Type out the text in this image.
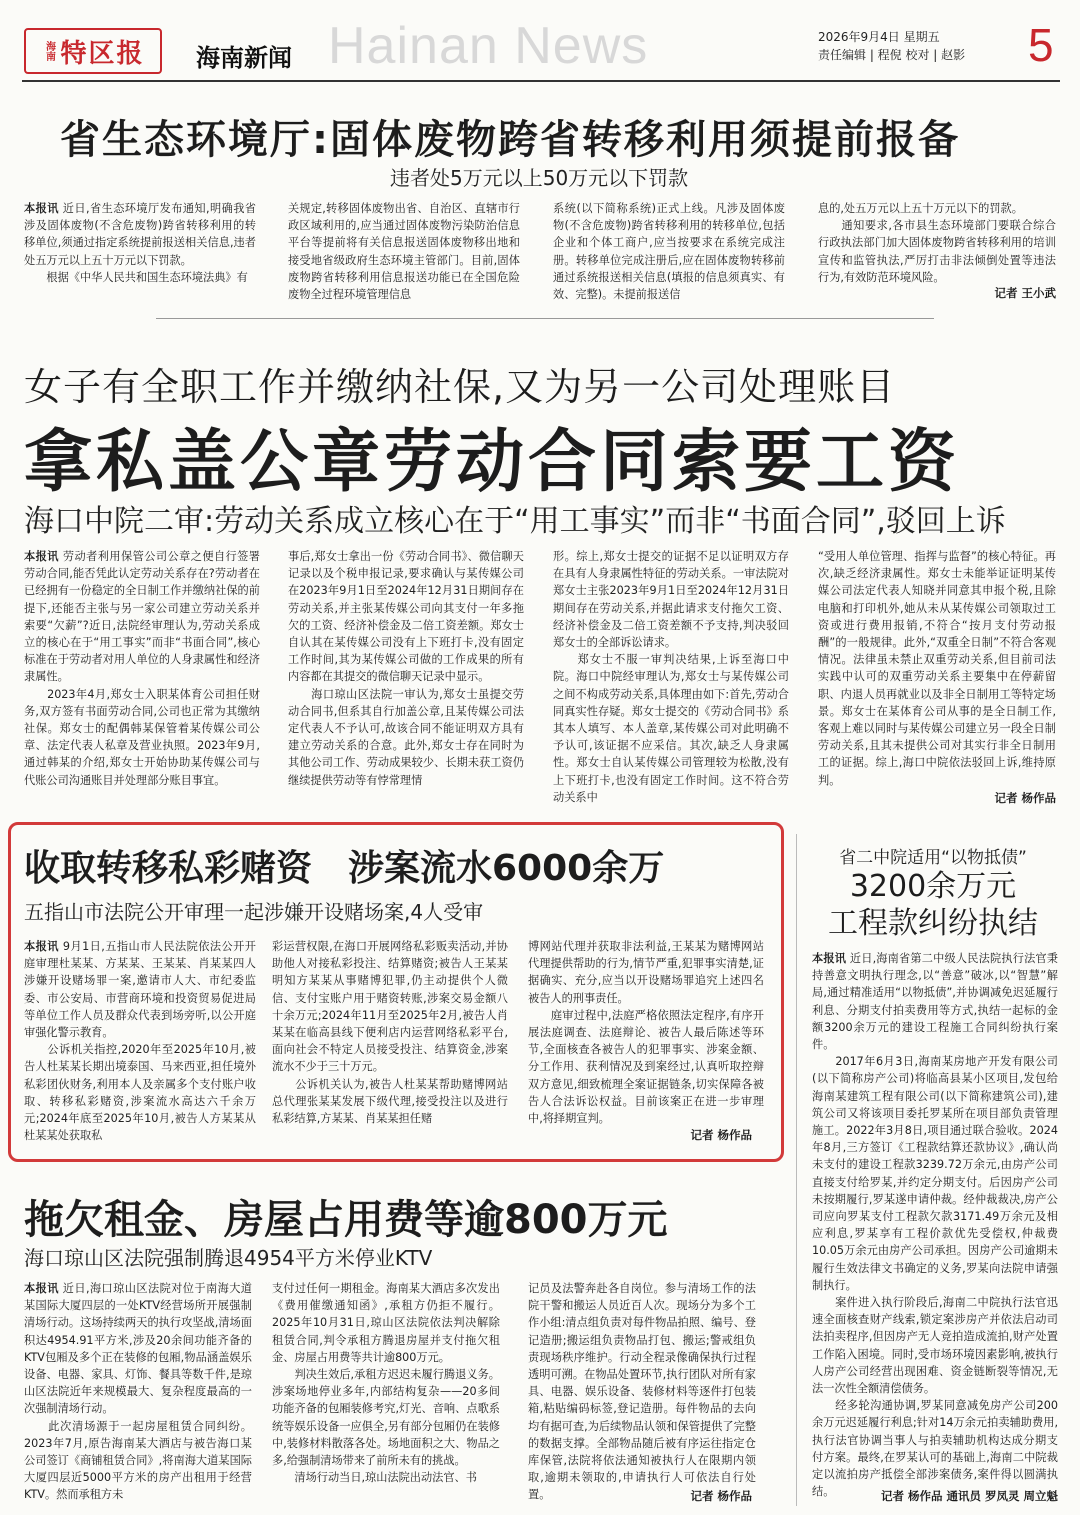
海南 特区报 海南新闻 Hainan News	2026年9月4日 星期五
责任编辑 | 程倪 校对 | 赵影 5
省生态环境厅:固体废物跨省转移利用须提前报备
违者处5万元以上50万元以下罚款
本报讯 近日,省生态环境厅发布通知,明确我省涉及固体废物(不含危废物)跨省转移利用的转移单位,须通过指定系统提前报送相关信息,违者处五万元以上五十万元以下罚款。
　　根据《中华人民共和国生态环境法典》有
关规定,转移固体废物出省、自治区、直辖市行政区域利用的,应当通过固体废物污染防治信息平台等提前将有关信息报送固体废物移出地和接受地省级政府生态环境主管部门。目前,固体废物跨省转移利用信息报送功能已在全国危险废物全过程环境管理信息
系统(以下简称系统)正式上线。凡涉及固体废物(不含危废物)跨省转移利用的转移单位,包括企业和个体工商户,应当按要求在系统完成注册。转移单位完成注册后,应在固体废物转移前通过系统报送相关信息(填报的信息须真实、有效、完整)。未提前报送信
息的,处五万元以上五十万元以下的罚款。
　　通知要求,各市县生态环境部门要联合综合行政执法部门加大固体废物跨省转移利用的培训宣传和监管执法,严厉打击非法倾倒处置等违法行为,有效防范环境风险。
记者 王小武
女子有全职工作并缴纳社保,又为另一公司处理账目
拿私盖公章劳动合同索要工资
海口中院二审:劳动关系成立核心在于“用工事实”而非“书面合同”,驳回上诉
本报讯 劳动者利用保管公司公章之便自行签署劳动合同,能否凭此认定劳动关系存在?劳动者在已经拥有一份稳定的全日制工作并缴纳社保的前提下,还能否主张与另一家公司建立劳动关系并索要“欠薪”?近日,法院经审理认为,劳动关系成立的核心在于“用工事实”而非“书面合同”,核心标准在于劳动者对用人单位的人身隶属性和经济隶属性。
　　2023年4月,郑女士入职某体育公司担任财务,双方签有书面劳动合同,公司也正常为其缴纳社保。郑女士的配偶韩某保管着某传媒公司公章、法定代表人私章及营业执照。2023年9月,通过韩某的介绍,郑女士开始协助某传媒公司与代账公司沟通账目并处理部分账目事宜。
事后,郑女士拿出一份《劳动合同书》、微信聊天记录以及个税申报记录,要求确认与某传媒公司在2023年9月1日至2024年12月31日期间存在劳动关系,并主张某传媒公司向其支付一年多拖欠的工资、经济补偿金及二倍工资差额。郑女士自认其在某传媒公司没有上下班打卡,没有固定工作时间,其为某传媒公司做的工作成果的所有内容都在其提交的微信聊天记录中显示。
　　海口琼山区法院一审认为,郑女士虽提交劳动合同书,但系其自行加盖公章,且某传媒公司法定代表人不予认可,故该合同不能证明双方具有建立劳动关系的合意。此外,郑女士存在同时为其他公司工作、劳动成果较少、长期未获工资仍继续提供劳动等有悖常理情
形。综上,郑女士提交的证据不足以证明双方存在具有人身隶属性特征的劳动关系。一审法院对郑女士主张2023年9月1日至2024年12月31日期间存在劳动关系,并据此请求支付拖欠工资、经济补偿金及二倍工资差额不予支持,判决驳回郑女士的全部诉讼请求。
　　郑女士不服一审判决结果,上诉至海口中院。海口中院经审理认为,郑女士与某传媒公司之间不构成劳动关系,具体理由如下:首先,劳动合同真实性存疑。郑女士提交的《劳动合同书》系其本人填写、本人盖章,某传媒公司对此明确不予认可,该证据不应采信。其次,缺乏人身隶属性。郑女士自认某传媒公司管理较为松散,没有上下班打卡,也没有固定工作时间。这不符合劳动关系中
“受用人单位管理、指挥与监督”的核心特征。再次,缺乏经济隶属性。郑女士未能举证证明某传媒公司法定代表人知晓并同意其申报个税,且除电脑和打印机外,她从未从某传媒公司领取过工资或进行费用报销,不符合“按月支付劳动报酬”的一般规律。此外,“双重全日制”不符合客观情况。法律虽未禁止双重劳动关系,但目前司法实践中认可的双重劳动关系主要集中在停薪留职、内退人员再就业以及非全日制用工等特定场景。郑女士在某体育公司从事的是全日制工作,客观上难以同时与某传媒公司建立另一段全日制劳动关系,且其未提供公司对其实行非全日制用工的证据。综上,海口中院依法驳回上诉,维持原判。
记者 杨作品
收取转移私彩赌资　涉案流水6000余万
五指山市法院公开审理一起涉嫌开设赌场案,4人受审
本报讯 9月1日,五指山市人民法院依法公开开庭审理杜某某、方某某、王某某、肖某某四人涉嫌开设赌场罪一案,邀请市人大、市纪委监委、市公安局、市营商环境和投资贸易促进局等单位工作人员及群众代表到场旁听,以公开庭审强化警示教育。
　　公诉机关指控,2020年至2025年10月,被告人杜某某长期出境泰国、马来西亚,担任境外私彩团伙财务,利用本人及亲属多个支付账户收取、转移私彩赌资,涉案流水高达六千余万元;2024年底至2025年10月,被告人方某某从杜某某处获取私
彩运营权限,在海口开展网络私彩贩卖活动,并协助他人对接私彩投注、结算赌资;被告人王某某明知方某某从事赌博犯罪,仍主动提供个人微信、支付宝账户用于赌资转账,涉案交易金额八十余万元;2024年11月至2025年2月,被告人肖某某在临高县线下便利店内运营网络私彩平台,面向社会不特定人员接受投注、结算资金,涉案流水不少于三十万元。
　　公诉机关认为,被告人杜某某帮助赌博网站总代理张某某发展下级代理,接受投注以及进行私彩结算,方某某、肖某某担任赌
博网站代理并获取非法利益,王某某为赌博网站代理提供帮助的行为,情节严重,犯罪事实清楚,证据确实、充分,应当以开设赌场罪追究上述四名被告人的刑事责任。
　　庭审过程中,法庭严格依照法定程序,有序开展法庭调查、法庭辩论、被告人最后陈述等环节,全面核查各被告人的犯罪事实、涉案金额、分工作用、获利情况及到案经过,认真听取控辩双方意见,细致梳理全案证据链条,切实保障各被告人合法诉讼权益。目前该案正在进一步审理中,将择期宣判。
记者 杨作品
拖欠租金、房屋占用费等逾800万元
海口琼山区法院强制腾退4954平方米停业KTV
本报讯 近日,海口琼山区法院对位于南海大道某国际大厦四层的一处KTV经营场所开展强制清场行动。这场持续两天的执行攻坚战,清场面积达4954.91平方米,涉及20余间功能齐备的KTV包厢及多个正在装修的包厢,物品涵盖娱乐设备、电器、家具、灯饰、餐具等数千件,是琼山区法院近年来规模最大、复杂程度最高的一次强制清场行动。
　　此次清场源于一起房屋租赁合同纠纷。2023年7月,原告海南某大酒店与被告海口某公司签订《商铺租赁合同》,将南海大道某国际大厦四层近5000平方米的房产出租用于经营KTV。然而承租方未
支付过任何一期租金。海南某大酒店多次发出《费用催缴通知函》,承租方仍拒不履行。2025年10月31日,琼山区法院依法判决解除租赁合同,判令承租方腾退房屋并支付拖欠租金、房屋占用费等共计逾800万元。
　　判决生效后,承租方迟迟未履行腾退义务。涉案场地停业多年,内部结构复杂——20多间功能齐备的包厢装修考究,灯光、音响、点歌系统等娱乐设备一应俱全,另有部分包厢仍在装修中,装修材料散落各处。场地面积之大、物品之多,给强制清场带来了前所未有的挑战。
　　清场行动当日,琼山法院出动法官、书
记员及法警奔赴各自岗位。参与清场工作的法院干警和搬运人员近百人次。现场分为多个工作小组:清点组负责对每件物品拍照、编号、登记造册;搬运组负责物品打包、搬运;警戒组负责现场秩序维护。行动全程录像确保执行过程透明可溯。在物品处置环节,执行团队对所有家具、电器、娱乐设备、装修材料等逐件打包装箱,粘贴编码标签,登记造册。每件物品的去向均有据可查,为后续物品认领和保管提供了完整的数据支撑。全部物品随后被有序运往指定仓库保管,法院将依法通知被执行人在限期内领取,逾期未领取的,申请执行人可依法自行处置。	记者 杨作品
省二中院适用“以物抵债”
3200余万元
工程款纠纷执结
本报讯 近日,海南省第二中级人民法院执行法官秉持善意文明执行理念,以“善意”破冰,以“智慧”解局,通过精准适用“以物抵债”,并协调减免迟延履行利息、分期支付拍卖费用等方式,执结一起标的金额3200余万元的建设工程施工合同纠纷执行案件。
　　2017年6月3日,海南某房地产开发有限公司(以下简称房产公司)将临高县某小区项目,发包给海南某建筑工程有限公司(以下简称建筑公司),建筑公司又将该项目委托罗某所在项目部负责管理施工。2022年3月8日,项目通过联合验收。2024年8月,三方签订《工程款结算还款协议》,确认尚未支付的建设工程款3239.72万余元,由房产公司直接支付给罗某,并约定分期支付。后因房产公司未按期履行,罗某遂申请仲裁。经仲裁裁决,房产公司应向罗某支付工程款欠款3171.49万余元及相应利息,罗某享有工程价款优先受偿权,仲裁费10.05万余元由房产公司承担。因房产公司逾期未履行生效法律文书确定的义务,罗某向法院申请强制执行。
　　案件进入执行阶段后,海南二中院执行法官迅速全面核查财产线索,锁定案涉房产并依法启动司法拍卖程序,但因房产无人竞拍造成流拍,财产处置工作陷入困境。同时,受市场环境因素影响,被执行人房产公司经营出现困难、资金链断裂等情况,无法一次性全额清偿债务。
　　经多轮沟通协调,罗某同意减免房产公司200余万元迟延履行利息;针对14万余元拍卖辅助费用,执行法官协调当事人与拍卖辅助机构达成分期支付方案。最终,在罗某认可的基础上,海南二中院裁定以流拍房产抵偿全部涉案债务,案件得以圆满执结。	记者 杨作品 通讯员 罗凤灵 周立魁
